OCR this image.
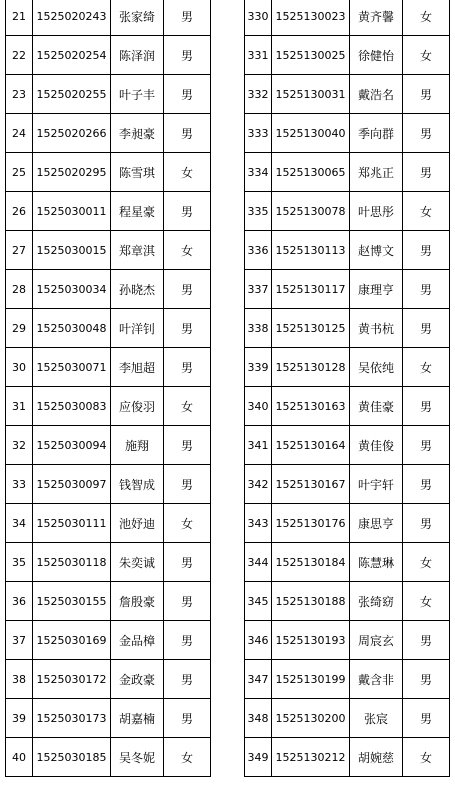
21	1525020243	张家绮	男
22	1525020254	陈泽润	男
23	1525020255	叶子丰	男
24	1525020266	李昶豪	男
25	1525020295	陈雪琪	女
26	1525030011	程星豪	男
27	1525030015	郑章淇	女
28	1525030034	孙晓杰	男
29	1525030048	叶洋钊	男
30	1525030071	李旭超	男
31	1525030083	应俊羽	女
32	1525030094	施翔	男
33	1525030097	钱智成	男
34	1525030111	池妤迪	女
35	1525030118	朱奕诚	男
36	1525030155	詹殷豪	男
37	1525030169	金品樟	男
38	1525030172	金政豪	男
39	1525030173	胡嘉楠	男
40	1525030185	吴冬妮	女
330	1525130023	黄齐馨	女
331	1525130025	徐健怡	女
332	1525130031	戴浩名	男
333	1525130040	季向群	男
334	1525130065	郑兆正	男
335	1525130078	叶思彤	女
336	1525130113	赵博文	男
337	1525130117	康理亨	男
338	1525130125	黄书杭	男
339	1525130128	吴依纯	女
340	1525130163	黄佳豪	男
341	1525130164	黄佳俊	男
342	1525130167	叶宇轩	男
343	1525130176	康思亨	男
344	1525130184	陈慧琳	女
345	1525130188	张绮窈	女
346	1525130193	周宸玄	男
347	1525130199	戴含非	男
348	1525130200	张宸	男
349	1525130212	胡婉慈	女
